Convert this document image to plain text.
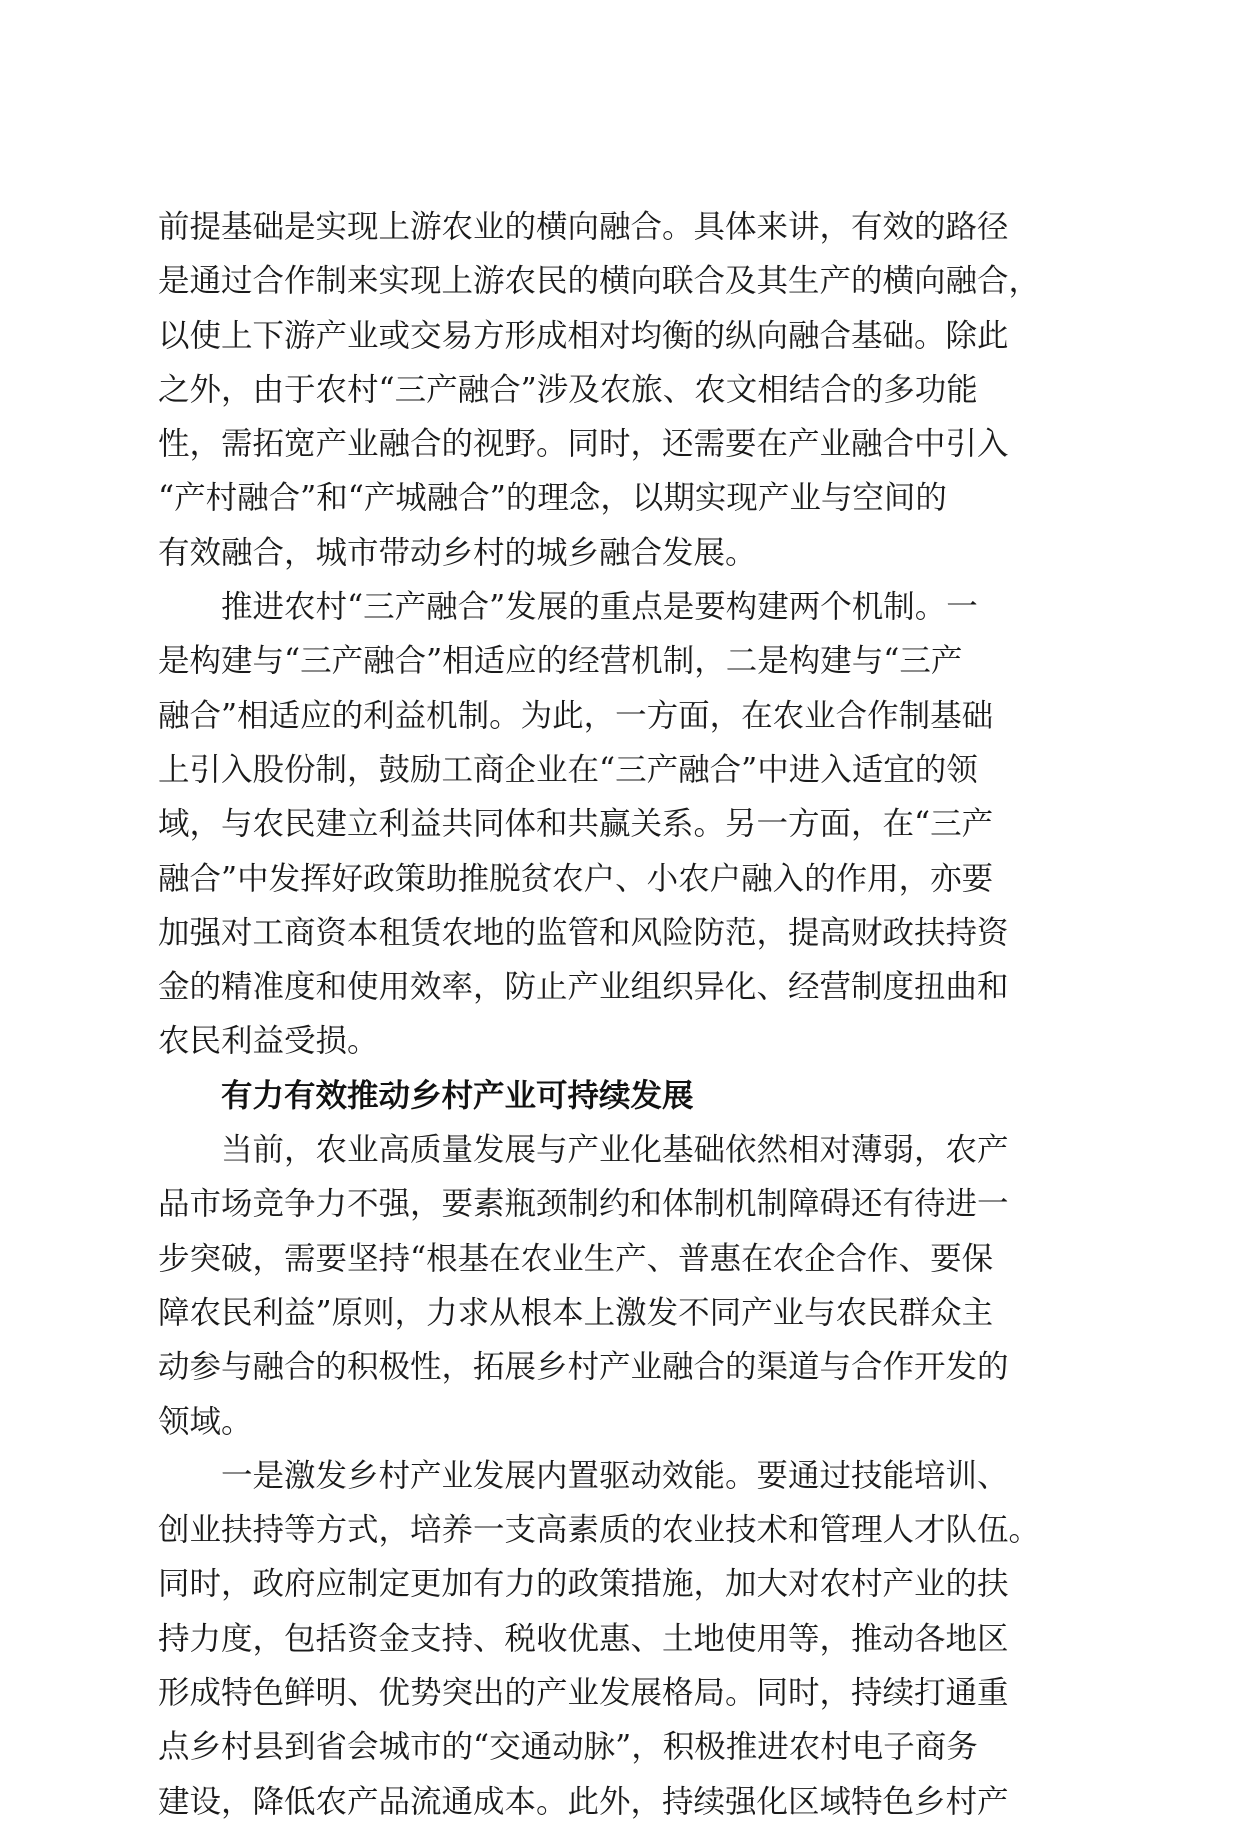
前提基础是实现上游农业的横向融合。具体来讲，有效的路径
是通过合作制来实现上游农民的横向联合及其生产的横向融合，
以使上下游产业或交易方形成相对均衡的纵向融合基础。除此
之外，由于农村“三产融合”涉及农旅、农文相结合的多功能
性，需拓宽产业融合的视野。同时，还需要在产业融合中引入
“产村融合”和“产城融合”的理念，以期实现产业与空间的
有效融合，城市带动乡村的城乡融合发展。

推进农村“三产融合”发展的重点是要构建两个机制。一
是构建与“三产融合”相适应的经营机制，二是构建与“三产
融合”相适应的利益机制。为此，一方面，在农业合作制基础
上引入股份制，鼓励工商企业在“三产融合”中进入适宜的领
域，与农民建立利益共同体和共赢关系。另一方面，在“三产
融合”中发挥好政策助推脱贫农户、小农户融入的作用，亦要
加强对工商资本租赁农地的监管和风险防范，提高财政扶持资
金的精准度和使用效率，防止产业组织异化、经营制度扭曲和
农民利益受损。

有力有效推动乡村产业可持续发展

当前，农业高质量发展与产业化基础依然相对薄弱，农产
品市场竞争力不强，要素瓶颈制约和体制机制障碍还有待进一
步突破，需要坚持“根基在农业生产、普惠在农企合作、要保
障农民利益”原则，力求从根本上激发不同产业与农民群众主
动参与融合的积极性，拓展乡村产业融合的渠道与合作开发的
领域。

一是激发乡村产业发展内置驱动效能。要通过技能培训、
创业扶持等方式，培养一支高素质的农业技术和管理人才队伍。
同时，政府应制定更加有力的政策措施，加大对农村产业的扶
持力度，包括资金支持、税收优惠、土地使用等，推动各地区
形成特色鲜明、优势突出的产业发展格局。同时，持续打通重
点乡村县到省会城市的“交通动脉”，积极推进农村电子商务
建设，降低农产品流通成本。此外，持续强化区域特色乡村产
